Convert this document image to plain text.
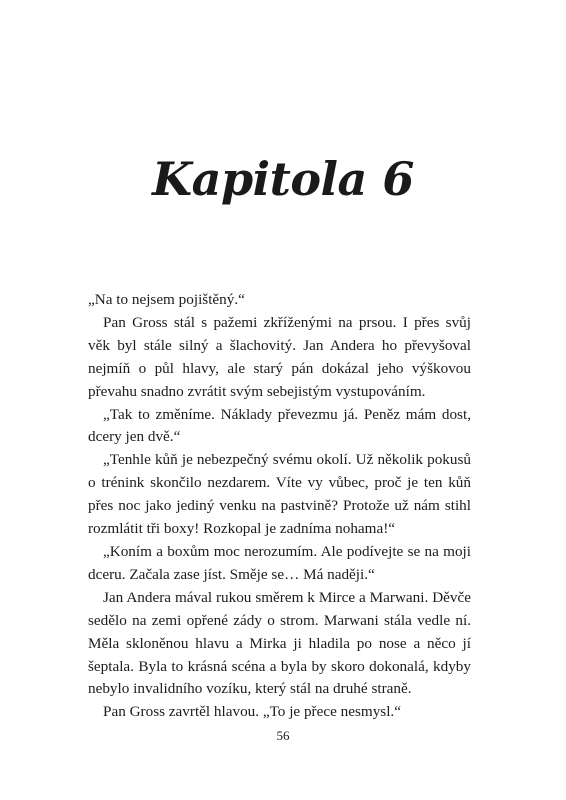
Kapitola 6

„Na to nejsem pojištěný.“

Pan Gross stál s pažemi zkříženými na prsou. I přes svůj věk byl stále silný a šlachovitý. Jan Andera ho převyšoval nejmíň o půl hlavy, ale starý pán dokázal jeho výškovou převahu snadno zvrátit svým sebejistým vystupováním.

„Tak to změníme. Náklady převezmu já. Peněz mám dost, dcery jen dvě.“

„Tenhle kůň je nebezpečný svému okolí. Už několik pokusů o trénink skončilo nezdarem. Víte vy vůbec, proč je ten kůň přes noc jako jediný venku na pastvině? Protože už nám stihl rozmlátit tři boxy! Rozkopal je zadníma nohama!“

„Koním a boxům moc nerozumím. Ale podívejte se na moji dceru. Začala zase jíst. Směje se… Má naději.“

Jan Andera mával rukou směrem k Mirce a Marwani. Děvče sedělo na zemi opřené zády o strom. Marwani stála vedle ní. Měla skloněnou hlavu a Mirka ji hladila po nose a něco jí šeptala. Byla to krásná scéna a byla by skoro dokonalá, kdyby nebylo invalidního vozíku, který stál na druhé straně.

Pan Gross zavrtěl hlavou. „To je přece nesmysl.“

56
